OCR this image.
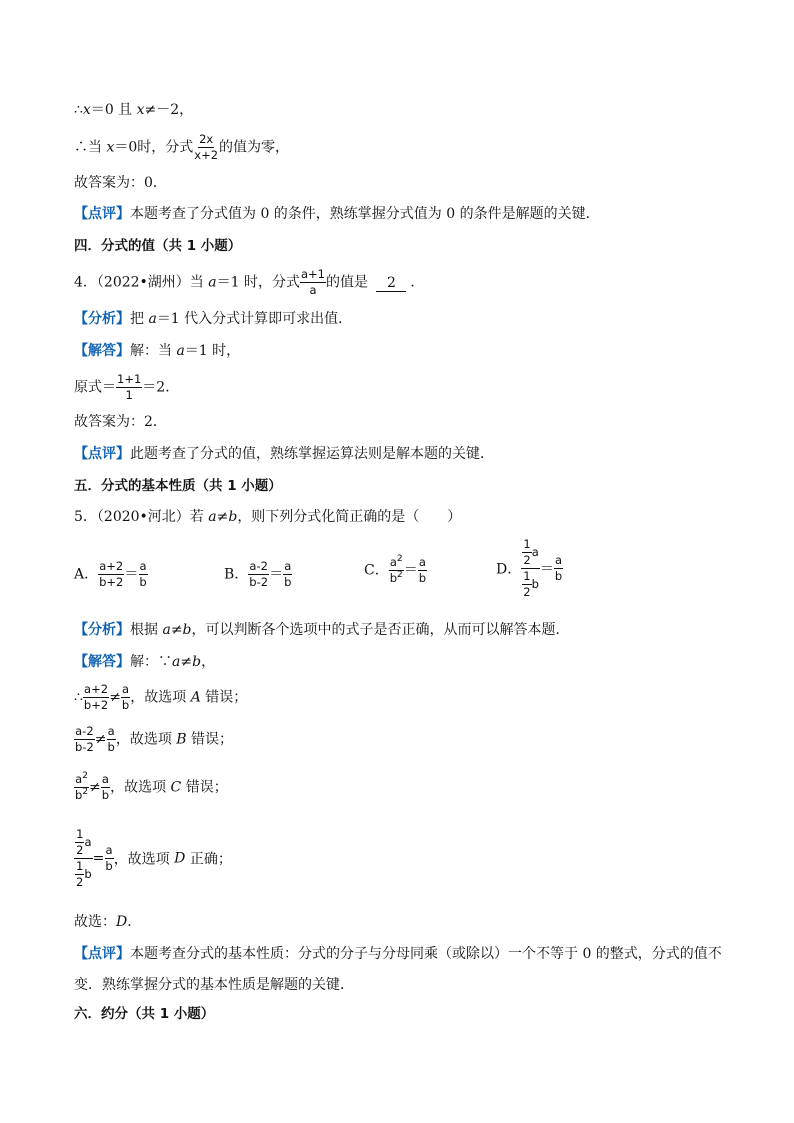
∴x＝0 且 x≠－2，
∴当 x＝0时，分式 $\frac{2x}{x+2}$ 的值为零，
故答案为：0．
【点评】本题考查了分式值为 0 的条件，熟练掌握分式值为 0 的条件是解题的关键．
四．分式的值（共 1 小题）
4．（2022•湖州）当 a＝1 时，分式 $\frac{a+1}{a}$ 的值是 2 ．
【分析】把 a＝1 代入分式计算即可求出值．
【解答】解：当 a＝1 时，
原式＝ $\frac{1+1}{1} =2$．
故答案为：2．
【点评】此题考查了分式的值，熟练掌握运算法则是解本题的关键．
五．分式的基本性质（共 1 小题）
5．（2020•河北）若 a≠b，则下列分式化简正确的是（　　）
A． $\frac{a+2}{b+2} = \frac{a}{b}$	B． $\frac{a-2}{b-2} = \frac{a}{b}$	C． $\frac{a^2}{b^2} = \frac{a}{b}$	D． $\frac{\frac{1}{2} a}{\frac{1}{2} b} = \frac{a}{b}$
【分析】根据 a≠b，可以判断各个选项中的式子是否正确，从而可以解答本题．
【解答】解：∵a≠b，
∴ $\frac{a+2}{b+2} \ne \frac{a}{b}$ ，故选项 A 错误；
$\frac{a-2}{b-2} \ne \frac{a}{b}$ ，故选项 B 错误；
$\frac{a^2}{b^2} \ne \frac{a}{b}$ ，故选项 C 错误；
$\frac{\frac{1}{2} a}{\frac{1}{2} b} = \frac{a}{b}$ ，故选项 D 正确；
故选：D．
【点评】本题考查分式的基本性质：分式的分子与分母同乘（或除以）一个不等于 0 的整式，分式的值不
变．熟练掌握分式的基本性质是解题的关键．
六．约分（共 1 小题）
